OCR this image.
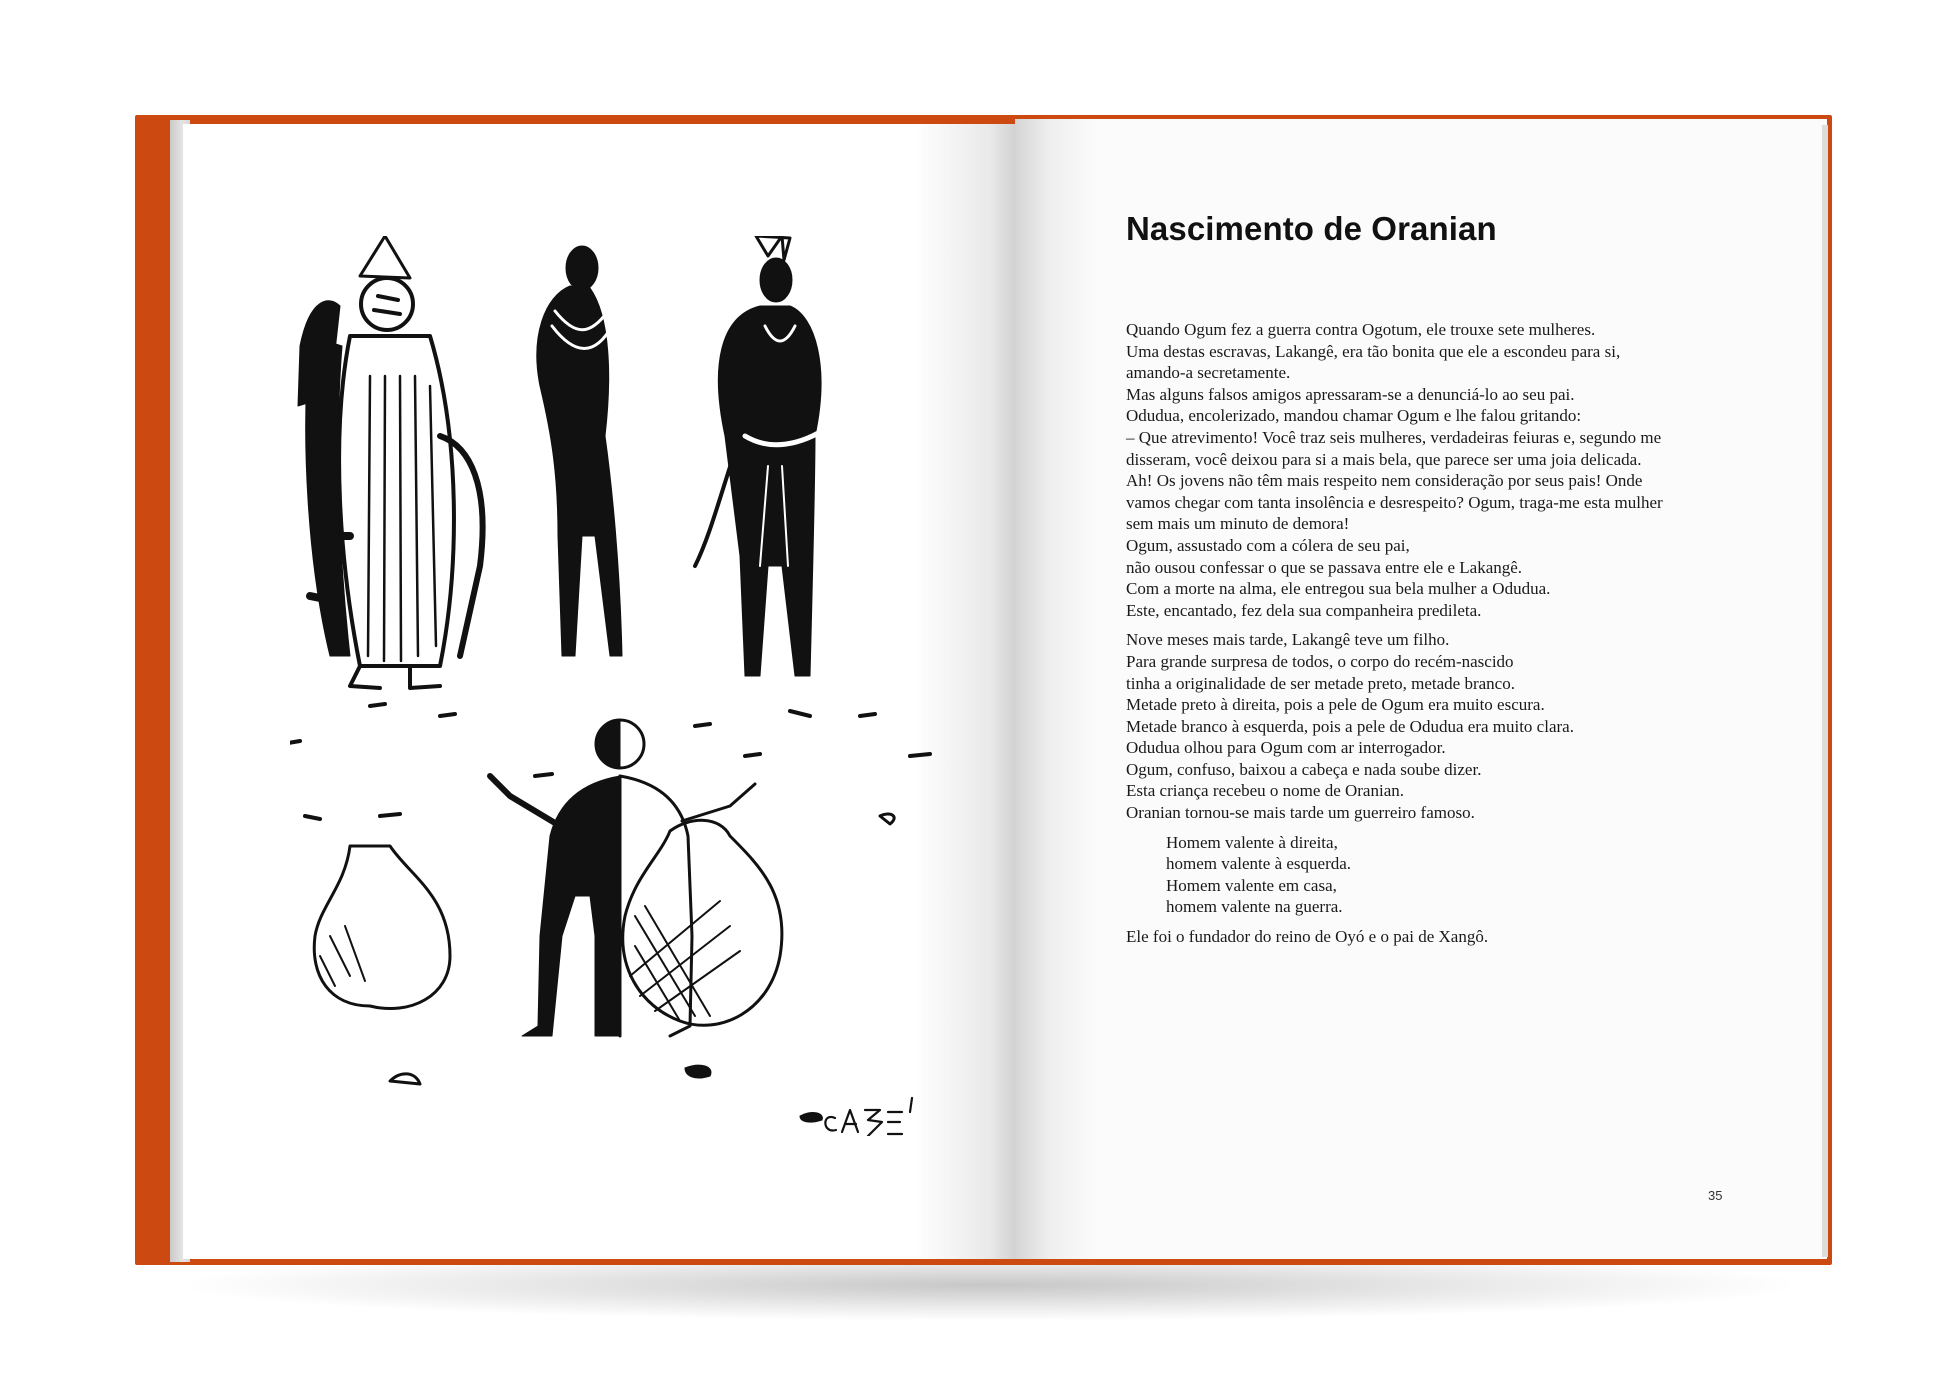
Nascimento de Oranian

Quando Ogum fez a guerra contra Ogotum, ele trouxe sete mulheres.
Uma destas escravas, Lakangê, era tão bonita que ele a escondeu para si,
amando-a secretamente.
Mas alguns falsos amigos apressaram-se a denunciá-lo ao seu pai.
Odudua, encolerizado, mandou chamar Ogum e lhe falou gritando:
– Que atrevimento! Você traz seis mulheres, verdadeiras feiuras e, segundo me
disseram, você deixou para si a mais bela, que parece ser uma joia delicada.
Ah! Os jovens não têm mais respeito nem consideração por seus pais! Onde
vamos chegar com tanta insolência e desrespeito? Ogum, traga-me esta mulher
sem mais um minuto de demora!
Ogum, assustado com a cólera de seu pai,
não ousou confessar o que se passava entre ele e Lakangê.
Com a morte na alma, ele entregou sua bela mulher a Odudua.
Este, encantado, fez dela sua companheira predileta.

Nove meses mais tarde, Lakangê teve um filho.
Para grande surpresa de todos, o corpo do recém-nascido
tinha a originalidade de ser metade preto, metade branco.
Metade preto à direita, pois a pele de Ogum era muito escura.
Metade branco à esquerda, pois a pele de Odudua era muito clara.
Odudua olhou para Ogum com ar interrogador.
Ogum, confuso, baixou a cabeça e nada soube dizer.
Esta criança recebeu o nome de Oranian.
Oranian tornou-se mais tarde um guerreiro famoso.

Homem valente à direita,
homem valente à esquerda.
Homem valente em casa,
homem valente na guerra.

Ele foi o fundador do reino de Oyó e o pai de Xangô.

35
